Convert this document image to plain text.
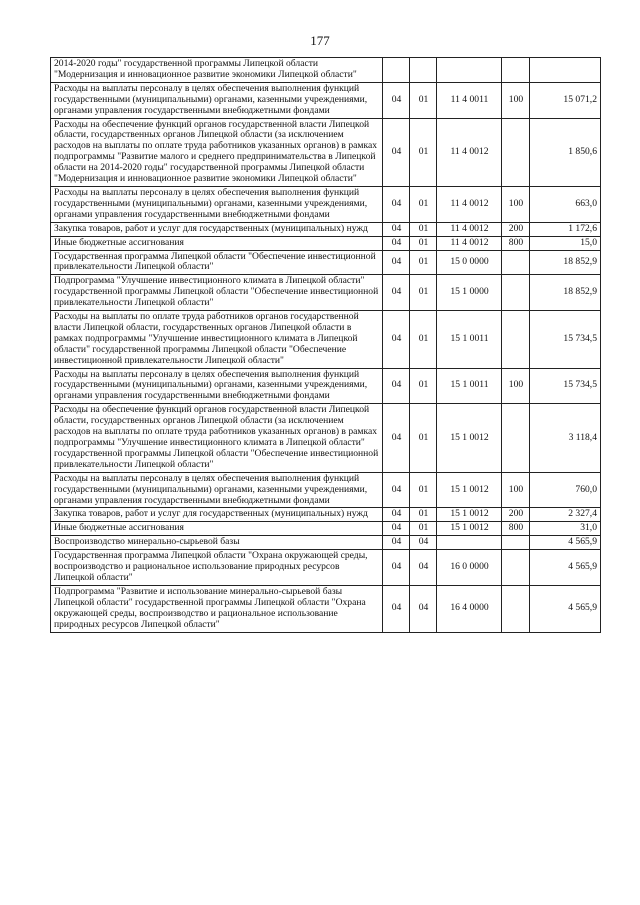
177
2014-2020 годы" государственной программы Липецкой области "Модернизация и инновационное развитие экономики Липецкой области"					
Расходы на выплаты персоналу в целях обеспечения выполнения функций государственными (муниципальными) органами, казенными учреждениями, органами управления государственными внебюджетными фондами	04	01	11 4 0011	100	15 071,2
Расходы на обеспечение функций органов государственной власти Липецкой области, государственных органов Липецкой области (за исключением расходов на выплаты по оплате труда работников указанных органов) в рамках подпрограммы "Развитие малого и среднего предпринимательства в Липецкой области на 2014-2020 годы" государственной программы Липецкой области "Модернизация и инновационное развитие экономики Липецкой области"	04	01	11 4 0012		1 850,6
Расходы на выплаты персоналу в целях обеспечения выполнения функций государственными (муниципальными) органами, казенными учреждениями, органами управления государственными внебюджетными фондами	04	01	11 4 0012	100	663,0
Закупка товаров, работ и услуг для государственных (муниципальных) нужд	04	01	11 4 0012	200	1 172,6
Иные бюджетные ассигнования	04	01	11 4 0012	800	15,0
Государственная программа Липецкой области "Обеспечение инвестиционной привлекательности Липецкой области"	04	01	15 0 0000		18 852,9
Подпрограмма "Улучшение инвестиционного климата в Липецкой области" государственной программы Липецкой области "Обеспечение инвестиционной привлекательности Липецкой области"	04	01	15 1 0000		18 852,9
Расходы на выплаты по оплате труда работников органов государственной власти Липецкой области, государственных органов Липецкой области в рамках подпрограммы "Улучшение инвестиционного климата в Липецкой области" государственной программы Липецкой области "Обеспечение инвестиционной привлекательности Липецкой области"	04	01	15 1 0011		15 734,5
Расходы на выплаты персоналу в целях обеспечения выполнения функций государственными (муниципальными) органами, казенными учреждениями, органами управления государственными внебюджетными фондами	04	01	15 1 0011	100	15 734,5
Расходы на обеспечение функций органов государственной власти Липецкой области, государственных органов Липецкой области (за исключением расходов на выплаты по оплате труда работников указанных органов) в рамках подпрограммы "Улучшение инвестиционного климата в Липецкой области" государственной программы Липецкой области "Обеспечение инвестиционной привлекательности Липецкой области"	04	01	15 1 0012		3 118,4
Расходы на выплаты персоналу в целях обеспечения выполнения функций государственными (муниципальными) органами, казенными учреждениями, органами управления государственными внебюджетными фондами	04	01	15 1 0012	100	760,0
Закупка товаров, работ и услуг для государственных (муниципальных) нужд	04	01	15 1 0012	200	2 327,4
Иные бюджетные ассигнования	04	01	15 1 0012	800	31,0
Воспроизводство минерально-сырьевой базы	04	04			4 565,9
Государственная программа Липецкой области "Охрана окружающей среды, воспроизводство и рациональное использование природных ресурсов Липецкой области"	04	04	16 0 0000		4 565,9
Подпрограмма "Развитие и использование минерально-сырьевой базы Липецкой области" государственной программы Липецкой области "Охрана окружающей среды, воспроизводство и рациональное использование природных ресурсов Липецкой области"	04	04	16 4 0000		4 565,9
